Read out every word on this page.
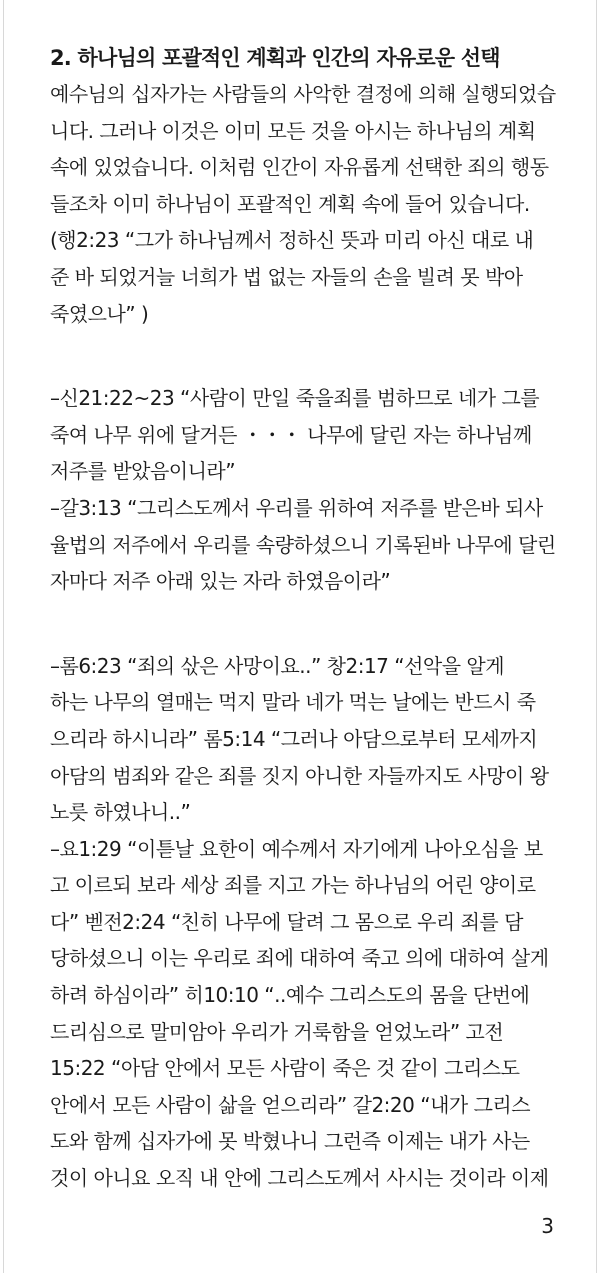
2. 하나님의 포괄적인 계획과 인간의 자유로운 선택

예수님의 십자가는 사람들의 사악한 결정에 의해 실행되었습

니다. 그러나 이것은 이미 모든 것을 아시는 하나님의 계획

속에 있었습니다. 이처럼 인간이 자유롭게 선택한 죄의 행동

들조차 이미 하나님이 포괄적인 계획 속에 들어 있습니다.

(행2:23 “그가 하나님께서 정하신 뜻과 미리 아신 대로 내

준 바 되었거늘 너희가 법 없는 자들의 손을 빌려 못 박아

죽였으나” )

–신21:22~23 “사람이 만일 죽을죄를 범하므로 네가 그를

죽여 나무 위에 달거든 ・・・ 나무에 달린 자는 하나님께

저주를 받았음이니라”

–갈3:13 “그리스도께서 우리를 위하여 저주를 받은바 되사

율법의 저주에서 우리를 속량하셨으니 기록된바 나무에 달린

자마다 저주 아래 있는 자라 하였음이라”

–롬6:23 “죄의 삯은 사망이요..” 창2:17 “선악을 알게

하는 나무의 열매는 먹지 말라 네가 먹는 날에는 반드시 죽

으리라 하시니라” 롬5:14 “그러나 아담으로부터 모세까지

아담의 범죄와 같은 죄를 짓지 아니한 자들까지도 사망이 왕

노릇 하였나니..”

–요1:29 “이튿날 요한이 예수께서 자기에게 나아오심을 보

고 이르되 보라 세상 죄를 지고 가는 하나님의 어린 양이로

다” 벧전2:24 “친히 나무에 달려 그 몸으로 우리 죄를 담

당하셨으니 이는 우리로 죄에 대하여 죽고 의에 대하여 살게

하려 하심이라” 히10:10 “..예수 그리스도의 몸을 단번에

드리심으로 말미암아 우리가 거룩함을 얻었노라” 고전

15:22 “아담 안에서 모든 사람이 죽은 것 같이 그리스도

안에서 모든 사람이 삶을 얻으리라” 갈2:20 “내가 그리스

도와 함께 십자가에 못 박혔나니 그런즉 이제는 내가 사는

것이 아니요 오직 내 안에 그리스도께서 사시는 것이라 이제

3
